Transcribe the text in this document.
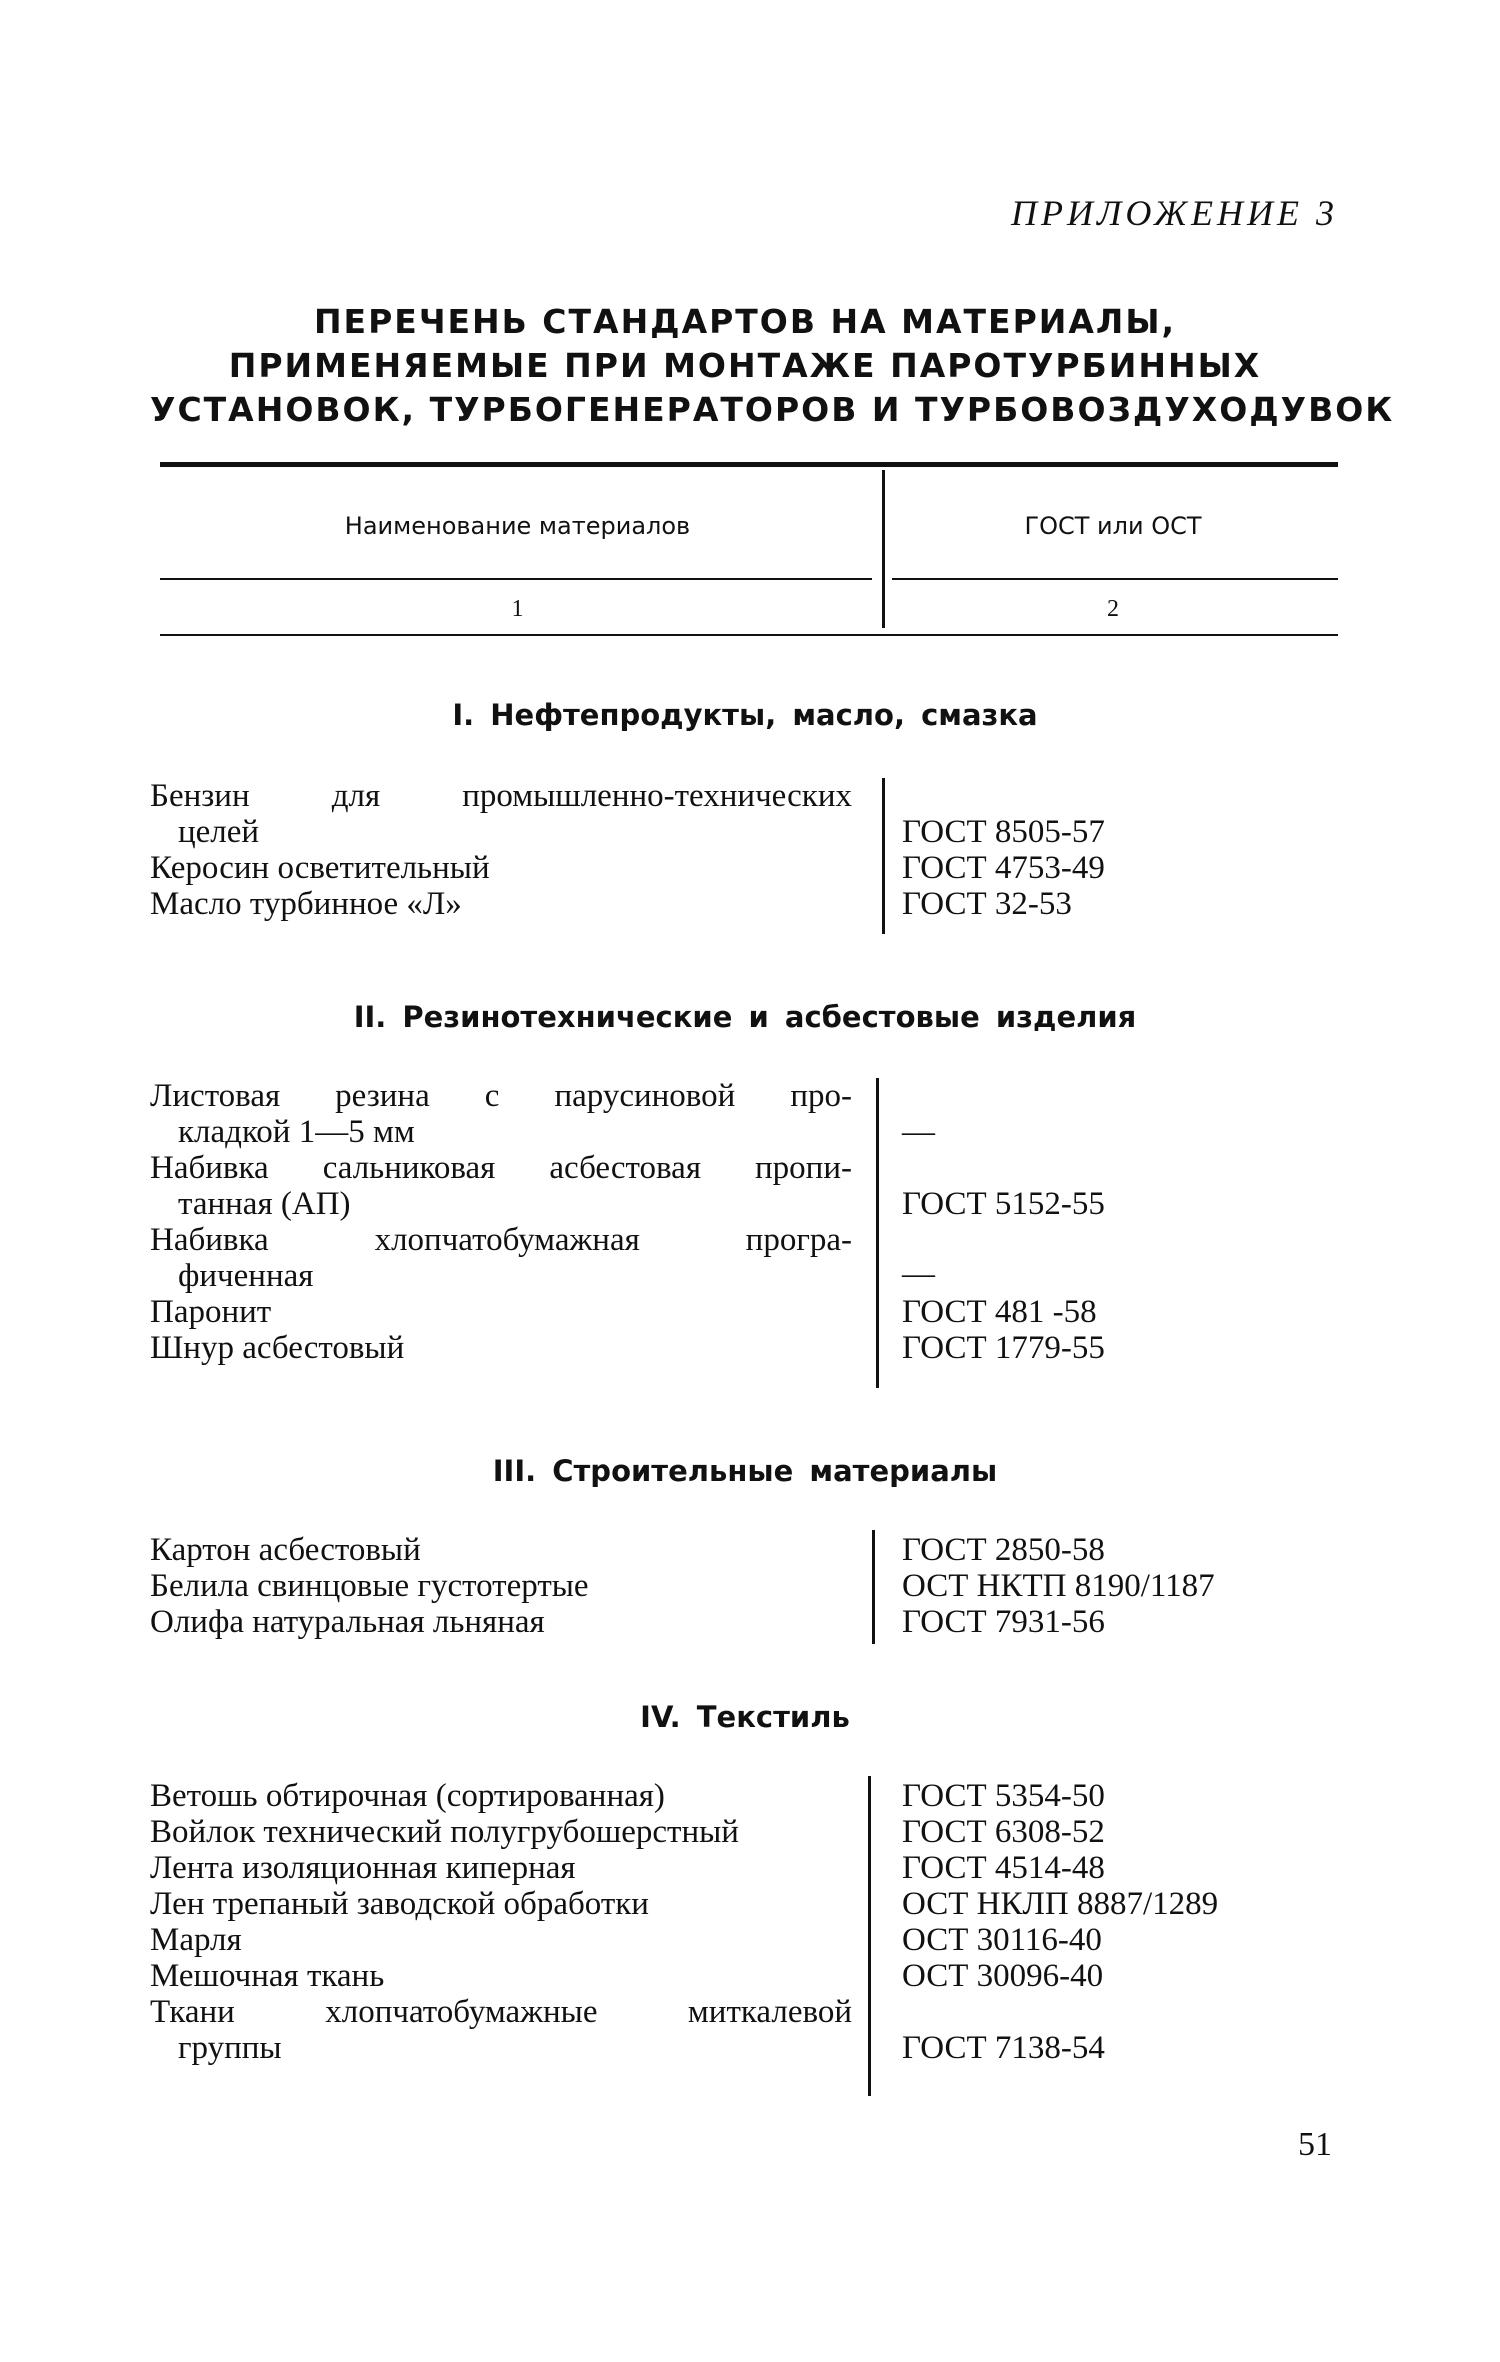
ПРИЛОЖЕНИЕ 3
ПЕРЕЧЕНЬ СТАНДАРТОВ НА МАТЕРИАЛЫ,
ПРИМЕНЯЕМЫЕ ПРИ МОНТАЖЕ ПАРОТУРБИННЫХ
УСТАНОВОК, ТУРБОГЕНЕРАТОРОВ И ТУРБОВОЗДУХОДУВОК
Наименование материалов	ГОСТ или ОСТ
1	2
I. Нефтепродукты, масло, смазка
Бензин для промышленно-технических
целей	ГОСТ 8505-57
Керосин осветительный	ГОСТ 4753-49
Масло турбинное «Л»	ГОСТ 32-53
II. Резинотехнические и асбестовые изделия
Листовая резина с парусиновой про-
кладкой 1—5 мм	—
Набивка сальниковая асбестовая пропи-
танная (АП)	ГОСТ 5152-55
Набивка хлопчатобумажная програ-
фиченная	—
Паронит	ГОСТ 481 -58
Шнур асбестовый	ГОСТ 1779-55
III. Строительные материалы
Картон асбестовый	ГОСТ 2850-58
Белила свинцовые густотертые	ОСТ НКТП 8190/1187
Олифа натуральная льняная	ГОСТ 7931-56
IV. Текстиль
Ветошь обтирочная (сортированная)	ГОСТ 5354-50
Войлок технический полугрубошерстный	ГОСТ 6308-52
Лента изоляционная киперная	ГОСТ 4514-48
Лен трепаный заводской обработки	ОСТ НКЛП 8887/1289
Марля	ОСТ 30116-40
Мешочная ткань	ОСТ 30096-40
Ткани хлопчатобумажные миткалевой
группы	ГОСТ 7138-54
51
